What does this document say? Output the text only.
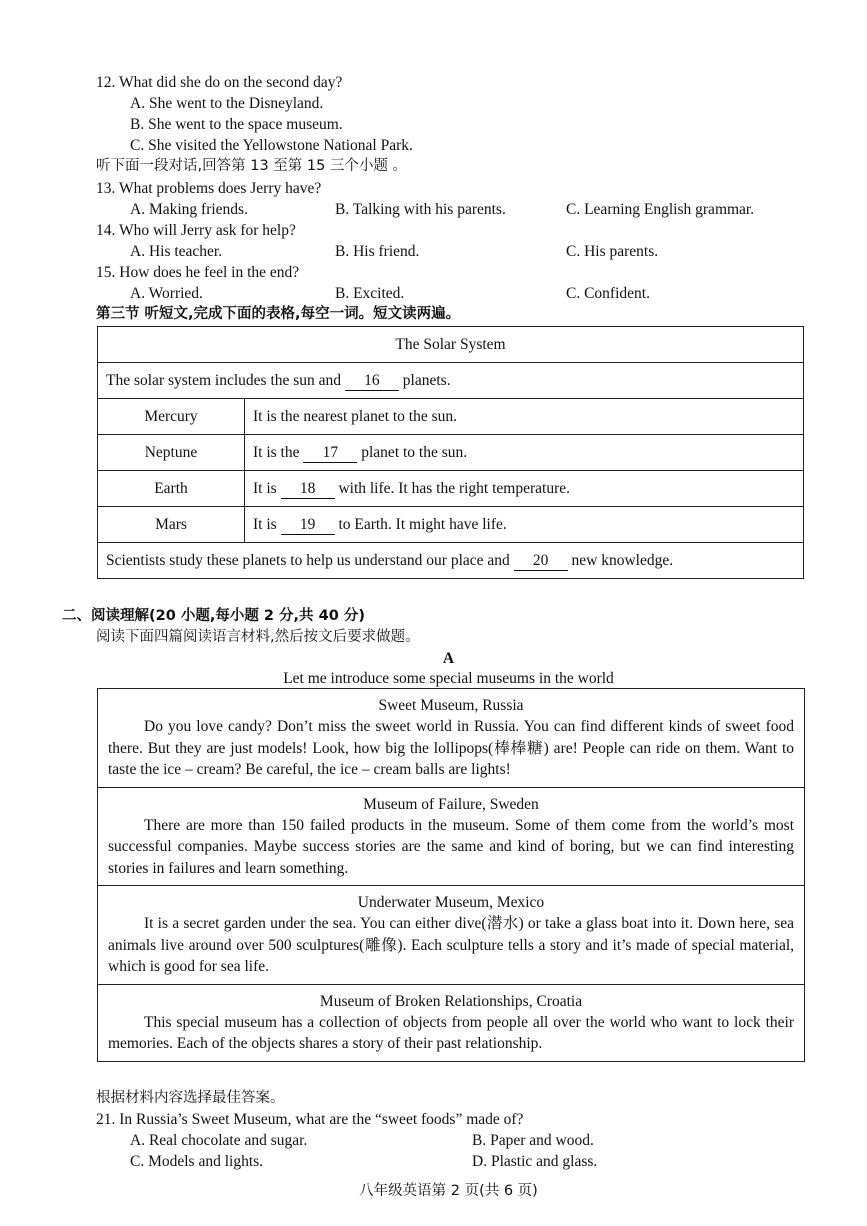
12. What did she do on the second day?
A. She went to the Disneyland.
B. She went to the space museum.
C. She visited the Yellowstone National Park.
听下面一段对话,回答第 13 至第 15 三个小题 。
13. What problems does Jerry have?
A. Making friends.	B. Talking with his parents.	C. Learning English grammar.
14. Who will Jerry ask for help?
A. His teacher.	B. His friend.	C. His parents.
15. How does he feel in the end?
A. Worried.	B. Excited.	C. Confident.
第三节 听短文,完成下面的表格,每空一词。短文读两遍。
The Solar System	
The solar system includes the sun and 16 planets.	
Mercury	It is the nearest planet to the sun.
Neptune	It is the 17 planet to the sun.
Earth	It is 18 with life. It has the right temperature.
Mars	It is 19 to Earth. It might have life.
Scientists study these planets to help us understand our place and 20 new knowledge.	
二、阅读理解(20 小题,每小题 2 分,共 40 分)
阅读下面四篇阅读语言材料,然后按文后要求做题。
A
Let me introduce some special museums in the world
Sweet Museum, Russia
Do you love candy? Don’t miss the sweet world in Russia. You can find different kinds of sweet food there. But they are just models! Look, how big the lollipops(棒棒糖) are! People can ride on them. Want to taste the ice – cream? Be careful, the ice – cream balls are lights!
Museum of Failure, Sweden
There are more than 150 failed products in the museum. Some of them come from the world’s most successful companies. Maybe success stories are the same and kind of boring, but we can find interesting stories in failures and learn something.
Underwater Museum, Mexico
It is a secret garden under the sea. You can either dive(潜水) or take a glass boat into it. Down here, sea animals live around over 500 sculptures(雕像). Each sculpture tells a story and it’s made of special material, which is good for sea life.
Museum of Broken Relationships, Croatia
This special museum has a collection of objects from people all over the world who want to lock their memories. Each of the objects shares a story of their past relationship.
根据材料内容选择最佳答案。
21. In Russia’s Sweet Museum, what are the “sweet foods” made of?
A. Real chocolate and sugar.	B. Paper and wood.
C. Models and lights.	D. Plastic and glass.
八年级英语第 2 页(共 6 页)
